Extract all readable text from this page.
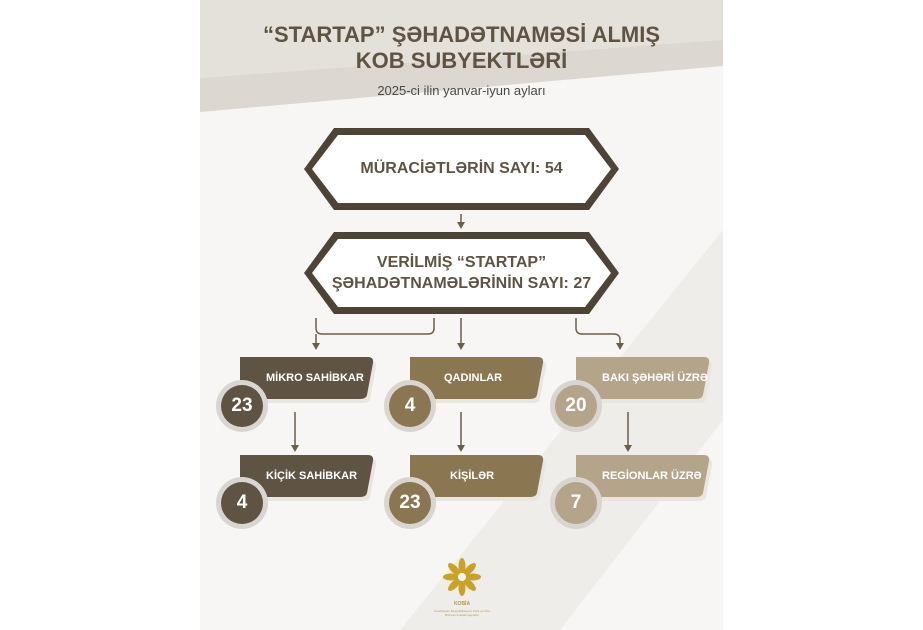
“STARTAP” ŞƏHADƏTNAMƏSİ ALMIŞ
KOB SUBYEKTLƏRİ
2025-ci ilin yanvar-iyun ayları
MÜRACİƏTLƏRİN SAYI: 54
VERİLMİŞ “STARTAP”
ŞƏHADƏTNAMƏLƏRİNİN SAYI: 27
MİKRO SAHİBKAR
23
QADINLAR
4
BAKI ŞƏHƏRİ ÜZRƏ
20
KİÇİK SAHİBKAR
4
KİŞİLƏR
23
REGİONLAR ÜZRƏ
7
KOBİA
Azərbaycan Respublikasının Kiçik və Orta Biznesin İnkişafı Agentliyi
